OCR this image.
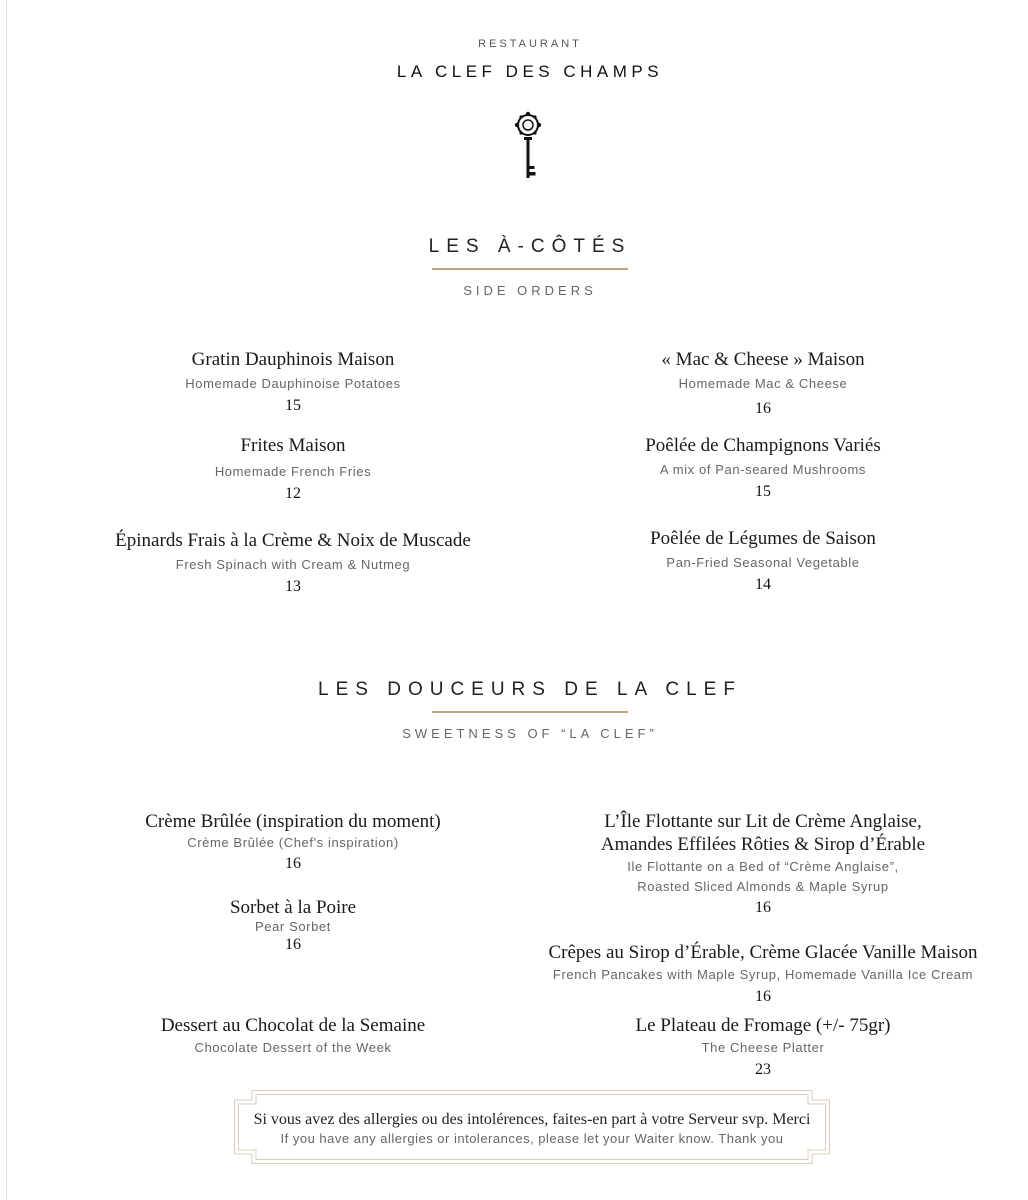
RESTAURANT
LA CLEF DES CHAMPS
LES À-CÔTÉS
SIDE ORDERS
Gratin Dauphinois Maison
Homemade Dauphinoise Potatoes
15
« Mac & Cheese » Maison
Homemade Mac & Cheese
16
Frites Maison
Homemade French Fries
12
Poêlée de Champignons Variés
A mix of Pan-seared Mushrooms
15
Épinards Frais à la Crème & Noix de Muscade
Fresh Spinach with Cream & Nutmeg
13
Poêlée de Légumes de Saison
Pan-Fried Seasonal Vegetable
14
LES DOUCEURS DE LA CLEF
SWEETNESS OF “LA CLEF”
Crème Brûlée (inspiration du moment)
Crème Brûlée (Chef's inspiration)
16
L’Île Flottante sur Lit de Crème Anglaise,
Amandes Effilées Rôties & Sirop d’Érable
Ile Flottante on a Bed of “Crème Anglaise”,
Roasted Sliced Almonds & Maple Syrup
16
Sorbet à la Poire
Pear Sorbet
16	Crêpes au Sirop d’Érable, Crème Glacée Vanille Maison
French Pancakes with Maple Syrup, Homemade Vanilla Ice Cream
16
Dessert au Chocolat de la Semaine
Chocolate Dessert of the Week
Le Plateau de Fromage (+/- 75gr)
The Cheese Platter
23
Si vous avez des allergies ou des intolérences, faites-en part à votre Serveur svp. Merci
If you have any allergies or intolerances, please let your Waiter know. Thank you
